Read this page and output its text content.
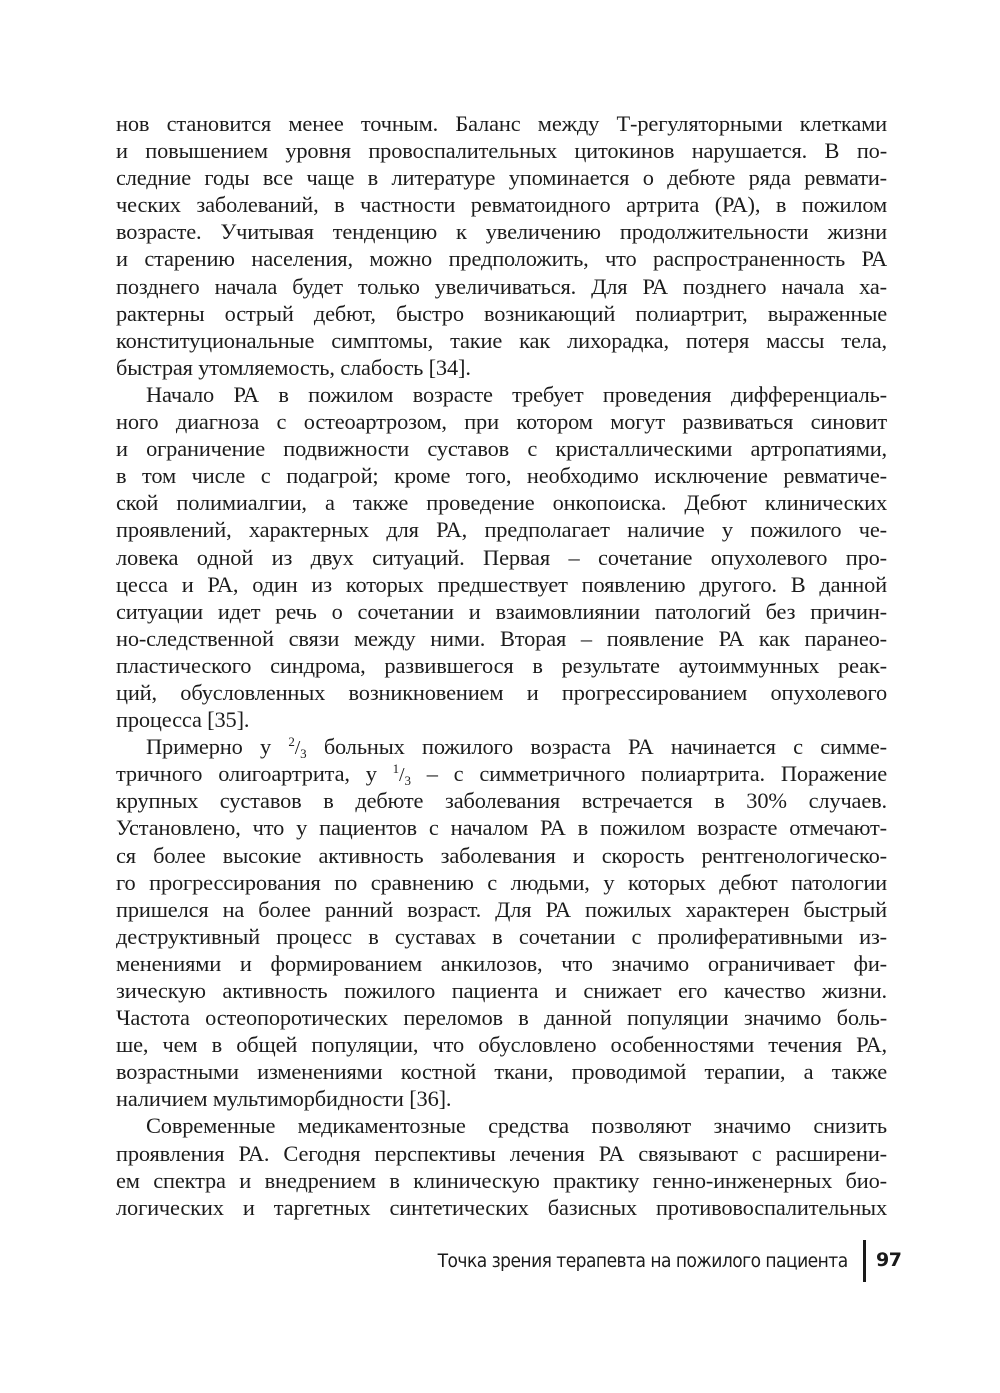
нов становится менее точным. Баланс между Т-регуляторными клетками
и повышением уровня провоспалительных цитокинов нарушается. В по-
следние годы все чаще в литературе упоминается о дебюте ряда ревмати-
ческих заболеваний, в частности ревматоидного артрита (РА), в пожилом
возрасте. Учитывая тенденцию к увеличению продолжительности жизни
и старению населения, можно предположить, что распространенность РА
позднего начала будет только увеличиваться. Для РА позднего начала ха-
рактерны острый дебют, быстро возникающий полиартрит, выраженные
конституциональные симптомы, такие как лихорадка, потеря массы тела,
быстрая утомляемость, слабость [34].
Начало РА в пожилом возрасте требует проведения дифференциаль-
ного диагноза с остеоартрозом, при котором могут развиваться синовит
и ограничение подвижности суставов с кристаллическими артропатиями,
в том числе с подагрой; кроме того, необходимо исключение ревматиче-
ской полимиалгии, а также проведение онкопоиска. Дебют клинических
проявлений, характерных для РА, предполагает наличие у пожилого че-
ловека одной из двух ситуаций. Первая – сочетание опухолевого про-
цесса и РА, один из которых предшествует появлению другого. В данной
ситуации идет речь о сочетании и взаимовлиянии патологий без причин-
но-следственной связи между ними. Вторая – появление РА как паранео-
пластического синдрома, развившегося в результате аутоиммунных реак-
ций, обусловленных возникновением и прогрессированием опухолевого
процесса [35].
Примерно у 2/3 больных пожилого возраста РА начинается с симме-
тричного олигоартрита, у 1/3 – с симметричного полиартрита. Поражение
крупных суставов в дебюте заболевания встречается в 30% случаев.
Установлено, что у пациентов с началом РА в пожилом возрасте отмечают-
ся более высокие активность заболевания и скорость рентгенологическо-
го прогрессирования по сравнению с людьми, у которых дебют патологии
пришелся на более ранний возраст. Для РА пожилых характерен быстрый
деструктивный процесс в суставах в сочетании с пролиферативными из-
менениями и формированием анкилозов, что значимо ограничивает фи-
зическую активность пожилого пациента и снижает его качество жизни.
Частота остеопоротических переломов в данной популяции значимо боль-
ше, чем в общей популяции, что обусловлено особенностями течения РА,
возрастными изменениями костной ткани, проводимой терапии, а также
наличием мультиморбидности [36].
Современные медикаментозные средства позволяют значимо снизить
проявления РА. Сегодня перспективы лечения РА связывают с расширени-
ем спектра и внедрением в клиническую практику генно-инженерных био-
логических и таргетных синтетических базисных противовоспалительных
Точка зрения терапевта на пожилого пациента 97
